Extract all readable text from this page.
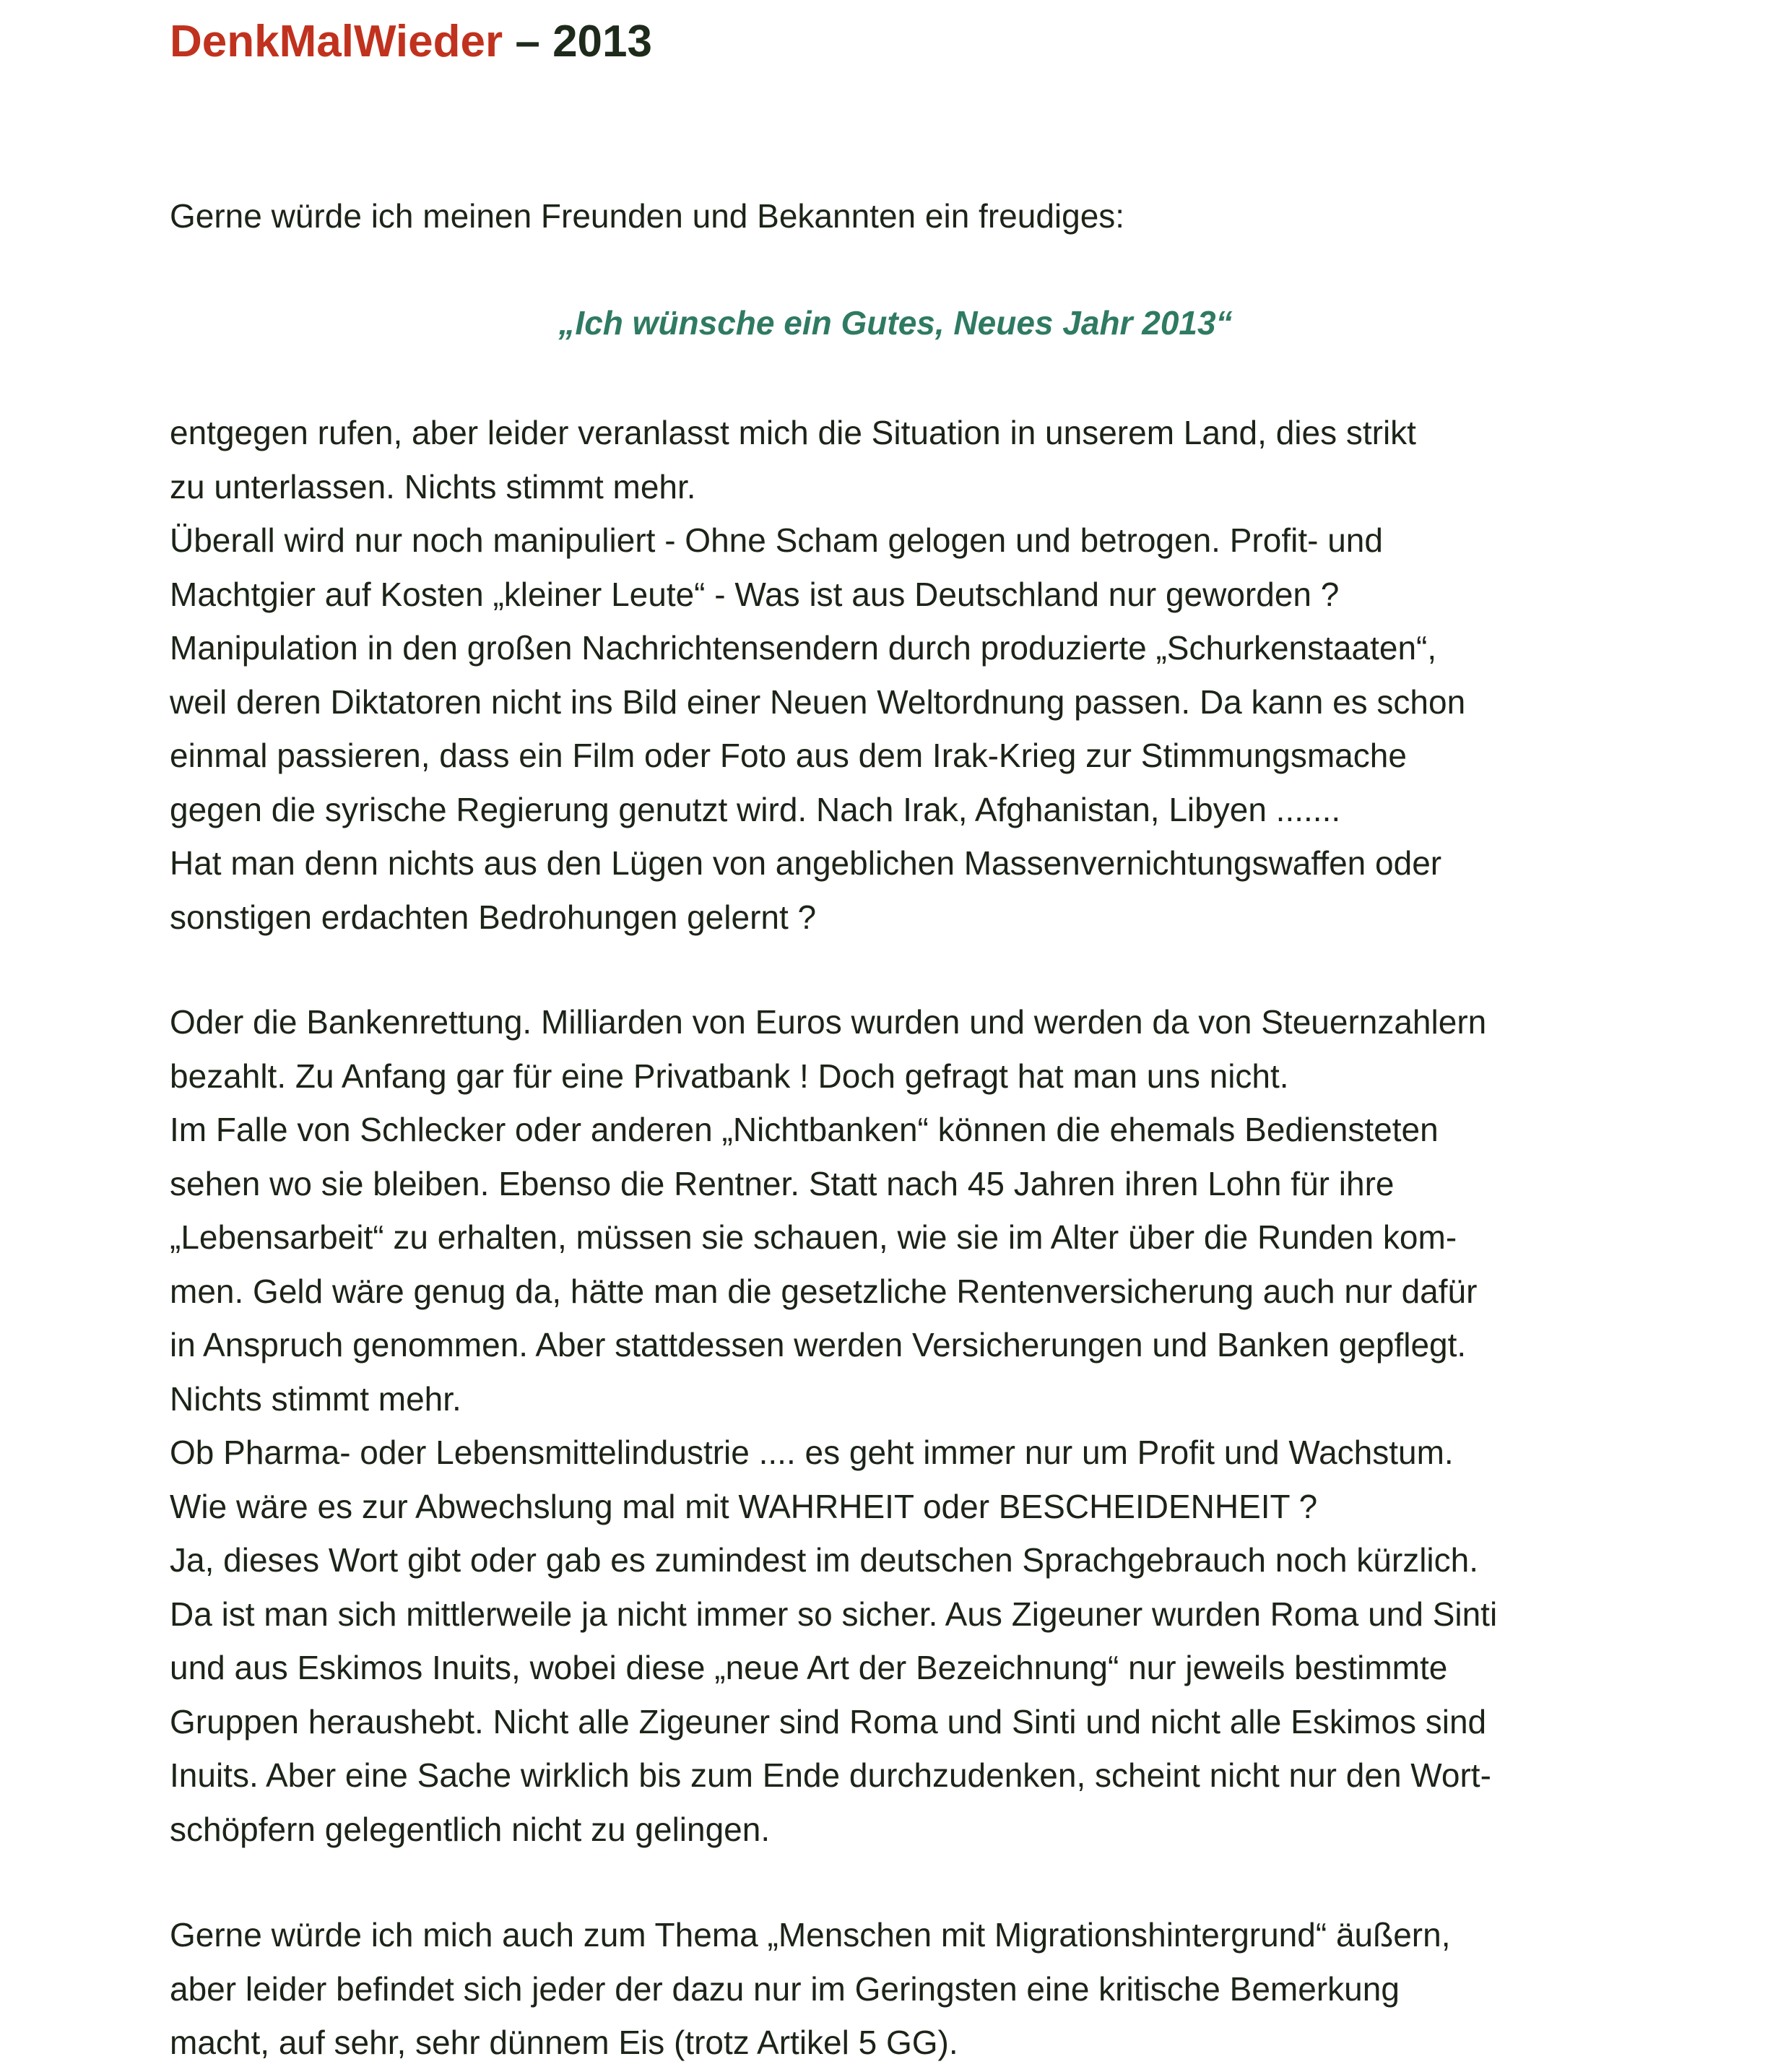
DenkMalWieder – 2013
Gerne würde ich meinen Freunden und Bekannten ein freudiges:
„Ich wünsche ein Gutes, Neues Jahr 2013“
entgegen rufen, aber leider veranlasst mich die Situation in unserem Land, dies strikt
zu unterlassen. Nichts stimmt mehr.
Überall wird nur noch manipuliert - Ohne Scham gelogen und betrogen. Profit- und
Machtgier auf Kosten „kleiner Leute“ - Was ist aus Deutschland nur geworden ?
Manipulation in den großen Nachrichtensendern durch produzierte „Schurkenstaaten“,
weil deren Diktatoren nicht ins Bild einer Neuen Weltordnung passen. Da kann es schon
einmal passieren, dass ein Film oder Foto aus dem Irak-Krieg zur Stimmungsmache
gegen die syrische Regierung genutzt wird. Nach Irak, Afghanistan, Libyen .......
Hat man denn nichts aus den Lügen von angeblichen Massenvernichtungswaffen oder
sonstigen erdachten Bedrohungen gelernt ?
Oder die Bankenrettung. Milliarden von Euros wurden und werden da von Steuernzahlern
bezahlt. Zu Anfang gar für eine Privatbank ! Doch gefragt hat man uns nicht.
Im Falle von Schlecker oder anderen „Nichtbanken“ können die ehemals Bediensteten
sehen wo sie bleiben. Ebenso die Rentner. Statt nach 45 Jahren ihren Lohn für ihre
„Lebensarbeit“ zu erhalten, müssen sie schauen, wie sie im Alter über die Runden kom-
men. Geld wäre genug da, hätte man die gesetzliche Rentenversicherung auch nur dafür
in Anspruch genommen. Aber stattdessen werden Versicherungen und Banken gepflegt.
Nichts stimmt mehr.
Ob Pharma- oder Lebensmittelindustrie .... es geht immer nur um Profit und Wachstum.
Wie wäre es zur Abwechslung mal mit WAHRHEIT oder BESCHEIDENHEIT ?
Ja, dieses Wort gibt oder gab es zumindest im deutschen Sprachgebrauch noch kürzlich.
Da ist man sich mittlerweile ja nicht immer so sicher. Aus Zigeuner wurden Roma und Sinti
und aus Eskimos Inuits, wobei diese „neue Art der Bezeichnung“ nur jeweils bestimmte
Gruppen heraushebt. Nicht alle Zigeuner sind Roma und Sinti und nicht alle Eskimos sind
Inuits. Aber eine Sache wirklich bis zum Ende durchzudenken, scheint nicht nur den Wort-
schöpfern gelegentlich nicht zu gelingen.
Gerne würde ich mich auch zum Thema „Menschen mit Migrationshintergrund“ äußern,
aber leider befindet sich jeder der dazu nur im Geringsten eine kritische Bemerkung
macht, auf sehr, sehr dünnem Eis (trotz Artikel 5 GG).
